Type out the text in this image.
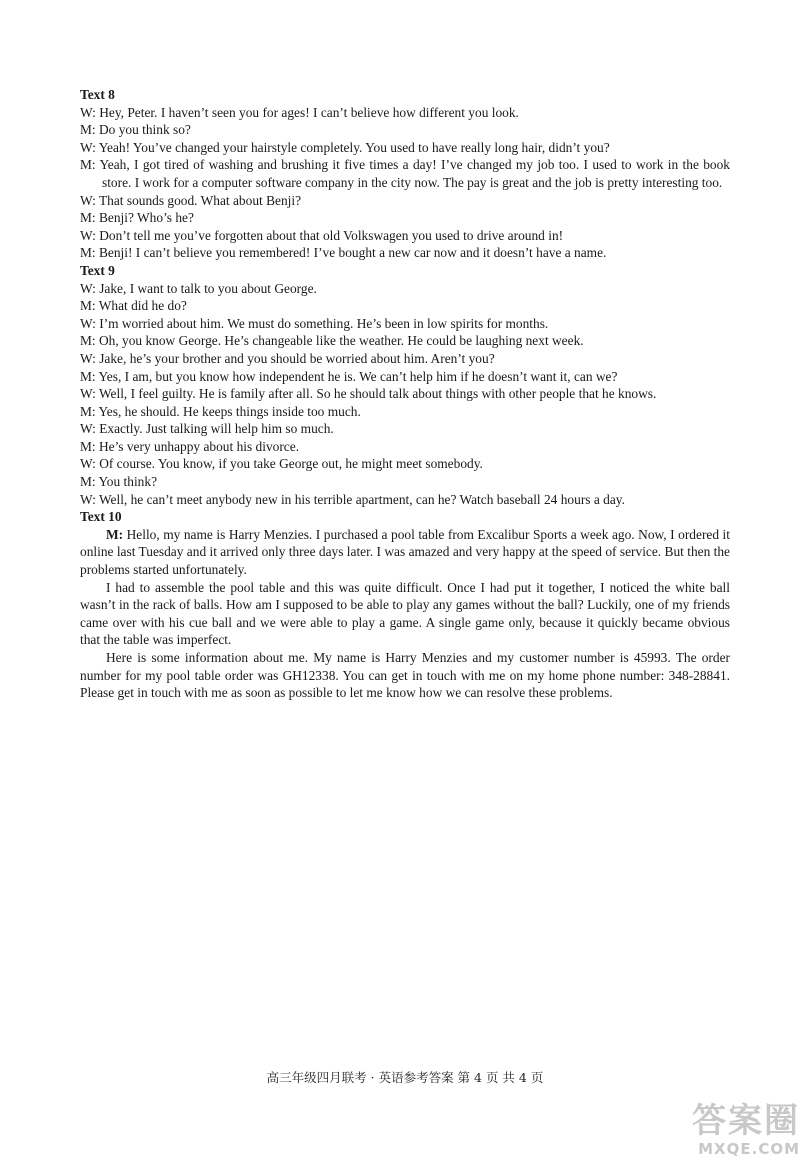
Text 8

W: Hey, Peter. I haven’t seen you for ages! I can’t believe how different you look.

M: Do you think so?

W: Yeah! You’ve changed your hairstyle completely. You used to have really long hair, didn’t you?

M: Yeah, I got tired of washing and brushing it five times a day! I’ve changed my job too. I used to work in the book store. I work for a computer software company in the city now. The pay is great and the job is pretty interesting too.

W: That sounds good. What about Benji?

M: Benji? Who’s he?

W: Don’t tell me you’ve forgotten about that old Volkswagen you used to drive around in!

M: Benji! I can’t believe you remembered! I’ve bought a new car now and it doesn’t have a name.

Text 9

W: Jake, I want to talk to you about George.

M: What did he do?

W: I’m worried about him. We must do something. He’s been in low spirits for months.

M: Oh, you know George. He’s changeable like the weather. He could be laughing next week.

W: Jake, he’s your brother and you should be worried about him. Aren’t you?

M: Yes, I am, but you know how independent he is. We can’t help him if he doesn’t want it, can we?

W: Well, I feel guilty. He is family after all. So he should talk about things with other people that he knows.

M: Yes, he should. He keeps things inside too much.

W: Exactly. Just talking will help him so much.

M: He’s very unhappy about his divorce.

W: Of course. You know, if you take George out, he might meet somebody.

M: You think?

W: Well, he can’t meet anybody new in his terrible apartment, can he? Watch baseball 24 hours a day.

Text 10

M: Hello, my name is Harry Menzies. I purchased a pool table from Excalibur Sports a week ago. Now, I ordered it online last Tuesday and it arrived only three days later. I was amazed and very happy at the speed of service. But then the problems started unfortunately.

I had to assemble the pool table and this was quite difficult. Once I had put it together, I noticed the white ball wasn’t in the rack of balls. How am I supposed to be able to play any games without the ball? Luckily, one of my friends came over with his cue ball and we were able to play a game. A single game only, because it quickly became obvious that the table was imperfect.

Here is some information about me. My name is Harry Menzies and my customer number is 45993. The order number for my pool table order was GH12338. You can get in touch with me on my home phone number: 348-28841. Please get in touch with me as soon as possible to let me know how we can resolve these problems.

高三年级四月联考 · 英语参考答案 第 4 页 共 4 页
答案圈
MXQE.COM
